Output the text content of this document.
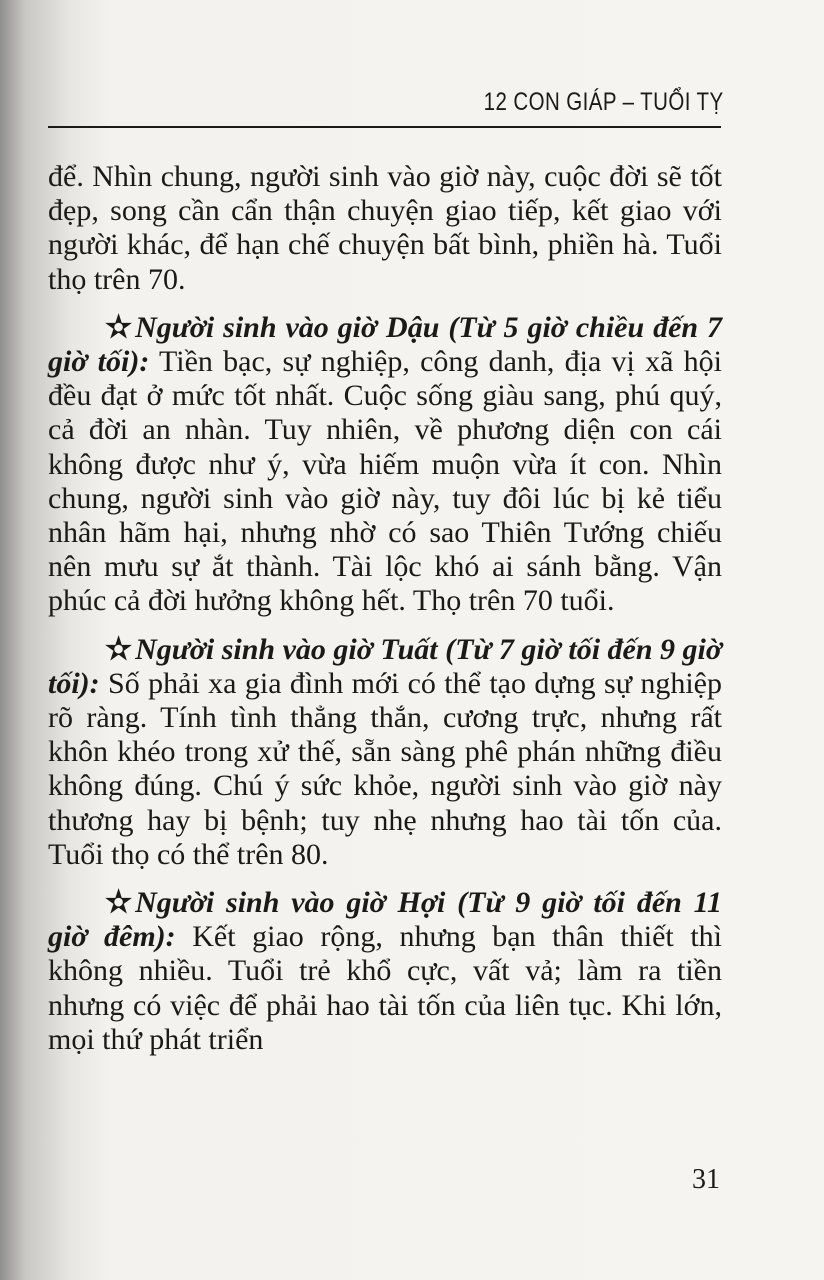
12 CON GIÁP – TUỔI TỴ

để. Nhìn chung, người sinh vào giờ này, cuộc đời sẽ tốt đẹp, song cần cẩn thận chuyện giao tiếp, kết giao với người khác, để hạn chế chuyện bất bình, phiền hà. Tuổi thọ trên 70.

✫ Người sinh vào giờ Dậu (Từ 5 giờ chiều đến 7 giờ tối): Tiền bạc, sự nghiệp, công danh, địa vị xã hội đều đạt ở mức tốt nhất. Cuộc sống giàu sang, phú quý, cả đời an nhàn. Tuy nhiên, về phương diện con cái không được như ý, vừa hiếm muộn vừa ít con. Nhìn chung, người sinh vào giờ này, tuy đôi lúc bị kẻ tiểu nhân hãm hại, nhưng nhờ có sao Thiên Tướng chiếu nên mưu sự ắt thành. Tài lộc khó ai sánh bằng. Vận phúc cả đời hưởng không hết. Thọ trên 70 tuổi.

✫ Người sinh vào giờ Tuất (Từ 7 giờ tối đến 9 giờ tối): Số phải xa gia đình mới có thể tạo dựng sự nghiệp rõ ràng. Tính tình thẳng thắn, cương trực, nhưng rất khôn khéo trong xử thế, sẵn sàng phê phán những điều không đúng. Chú ý sức khỏe, người sinh vào giờ này thương hay bị bệnh; tuy nhẹ nhưng hao tài tốn của. Tuổi thọ có thể trên 80.

✫ Người sinh vào giờ Hợi (Từ 9 giờ tối đến 11 giờ đêm): Kết giao rộng, nhưng bạn thân thiết thì không nhiều. Tuổi trẻ khổ cực, vất vả; làm ra tiền nhưng có việc để phải hao tài tốn của liên tục. Khi lớn, mọi thứ phát triển

31
